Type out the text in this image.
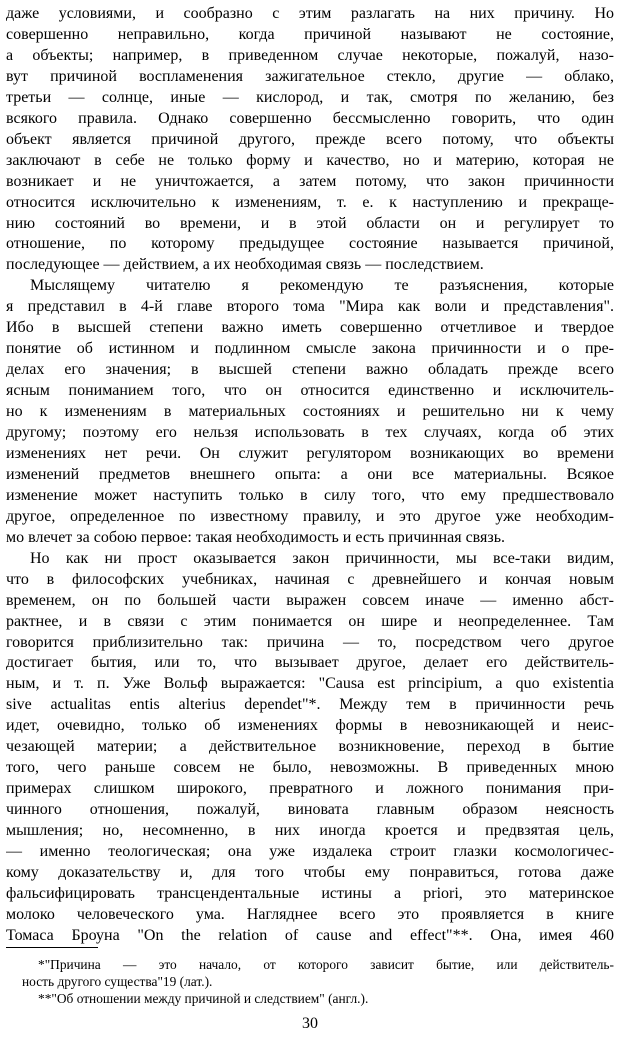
даже условиями, и сообразно с этим разлагать на них причину. Но
совершенно неправильно, когда причиной называют не состояние,
а объекты; например, в приведенном случае некоторые, пожалуй, назо-
вут причиной воспламенения зажигательное стекло, другие — облако,
третьи — солнце, иные — кислород, и так, смотря по желанию, без
всякого правила. Однако совершенно бессмысленно говорить, что один
объект является причиной другого, прежде всего потому, что объекты
заключают в себе не только форму и качество, но и материю, которая не
возникает и не уничтожается, а затем потому, что закон причинности
относится исключительно к изменениям, т. е. к наступлению и прекраще-
нию состояний во времени, и в этой области он и регулирует то
отношение, по которому предыдущее состояние называется причиной,
последующее — действием, а их необходимая связь — последствием.
Мыслящему читателю я рекомендую те разъяснения, которые
я представил в 4-й главе второго тома "Мира как воли и представления".
Ибо в высшей степени важно иметь совершенно отчетливое и твердое
понятие об истинном и подлинном смысле закона причинности и о пре-
делах его значения; в высшей степени важно обладать прежде всего
ясным пониманием того, что он относится единственно и исключитель-
но к изменениям в материальных состояниях и решительно ни к чему
другому; поэтому его нельзя использовать в тех случаях, когда об этих
изменениях нет речи. Он служит регулятором возникающих во времени
изменений предметов внешнего опыта: а они все материальны. Всякое
изменение может наступить только в силу того, что ему предшествовало
другое, определенное по известному правилу, и это другое уже необходим-
мо влечет за собою первое: такая необходимость и есть причинная связь.
Но как ни прост оказывается закон причинности, мы все-таки видим,
что в философских учебниках, начиная с древнейшего и кончая новым
временем, он по большей части выражен совсем иначе — именно абст-
рактнее, и в связи с этим понимается он шире и неопределеннее. Там
говорится приблизительно так: причина — то, посредством чего другое
достигает бытия, или то, что вызывает другое, делает его действитель-
ным, и т. п. Уже Вольф выражается: "Causa est principium, a quo existentia
sive actualitas entis alterius dependet"*. Между тем в причинности речь
идет, очевидно, только об изменениях формы в невозникающей и неис-
чезающей материи; а действительное возникновение, переход в бытие
того, чего раньше совсем не было, невозможны. В приведенных мною
примерах слишком широкого, превратного и ложного понимания при-
чинного отношения, пожалуй, виновата главным образом неясность
мышления; но, несомненно, в них иногда кроется и предвзятая цель,
— именно теологическая; она уже издалека строит глазки космологичес-
кому доказательству и, для того чтобы ему понравиться, готова даже
фальсифицировать трансцендентальные истины a priori, это материнское
молоко человеческого ума. Нагляднее всего это проявляется в книге
Томаса Броуна "On the relation of cause and effect"**. Она, имея 460
*"Причина — это начало, от которого зависит бытие, или действитель-
ность другого существа"19 (лат.).
**"Об отношении между причиной и следствием" (англ.).
30
